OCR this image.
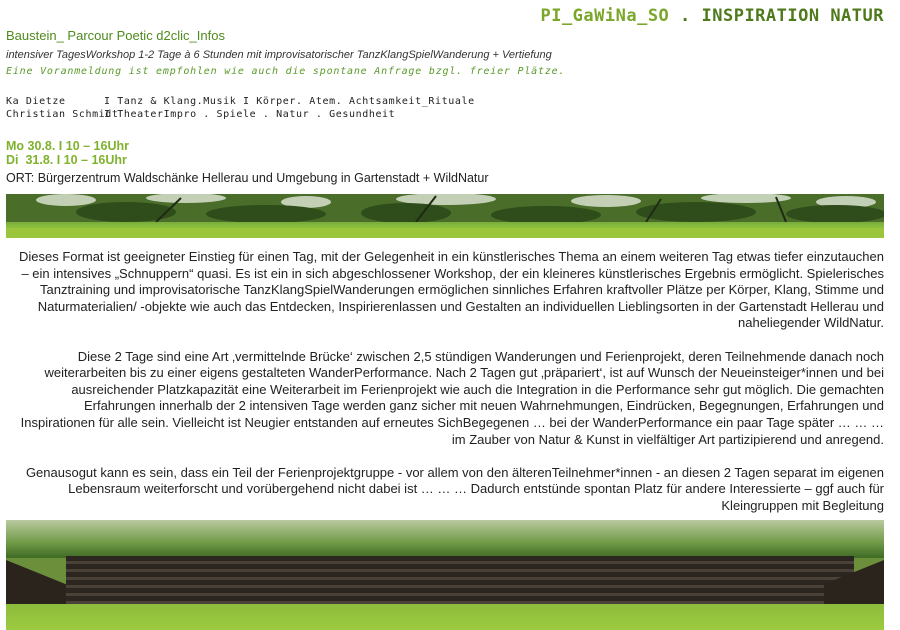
PI_GaWiNa_SO . INSPIRATION NATUR
Baustein_ Parcour Poetic d2clic_Infos
intensiver TagesWorkshop 1-2 Tage à 6 Stunden mit improvisatorischer TanzKlangSpielWanderung + Vertiefung
Eine Voranmeldung ist empfohlen wie auch die spontane Anfrage bzgl. freier Plätze.
Ka Dietze	I Tanz & Klang.Musik I Körper. Atem. Achtsamkeit_Rituale
Christian Schmidt
I TheaterImpro . Spiele . Natur . Gesundheit
Mo 30.8. I 10 – 16Uhr
Di  31.8. I 10 – 16Uhr
ORT: Bürgerzentrum Waldschänke Hellerau und Umgebung in Gartenstadt + WildNatur

Dieses Format ist geeigneter Einstieg für einen Tag, mit der Gelegenheit in ein künstlerisches Thema an einem weiteren Tag etwas tiefer einzutauchen – ein intensives „Schnuppern“ quasi. Es ist ein in sich abgeschlossener Workshop, der ein kleineres künstlerisches Ergebnis ermöglicht. Spielerisches Tanztraining und improvisatorische TanzKlangSpielWanderungen ermöglichen sinnliches Erfahren kraftvoller Plätze per Körper, Klang, Stimme und Naturmaterialien/ -objekte wie auch das Entdecken, Inspirierenlassen und Gestalten an individuellen Lieblingsorten in der Gartenstadt Hellerau und naheliegender WildNatur.

Diese 2 Tage sind eine Art ‚vermittelnde Brücke‘ zwischen 2,5 stündigen Wanderungen und Ferienprojekt, deren Teilnehmende danach noch weiterarbeiten bis zu einer eigens gestalteten WanderPerformance. Nach 2 Tagen gut ‚präpariert‘, ist auf Wunsch der Neueinsteiger*innen und bei ausreichender Platzkapazität eine Weiterarbeit im Ferienprojekt wie auch die Integration in die Performance sehr gut möglich. Die gemachten Erfahrungen innerhalb der 2 intensiven Tage werden ganz sicher mit neuen Wahrnehmungen, Eindrücken, Begegnungen, Erfahrungen und Inspirationen für alle sein. Vielleicht ist Neugier entstanden auf erneutes SichBegegenen … bei der WanderPerformance ein paar Tage später … … … im Zauber von Natur & Kunst in vielfältiger Art partizipierend und anregend.

Genausogut kann es sein, dass ein Teil der Ferienprojektgruppe - vor allem von den älterenTeilnehmer*innen - an diesen 2 Tagen separat im eigenen Lebensraum weiterforscht und vorübergehend nicht dabei ist … … … Dadurch entstünde spontan Platz für andere Interessierte – ggf auch für Kleingruppen mit Begleitung
